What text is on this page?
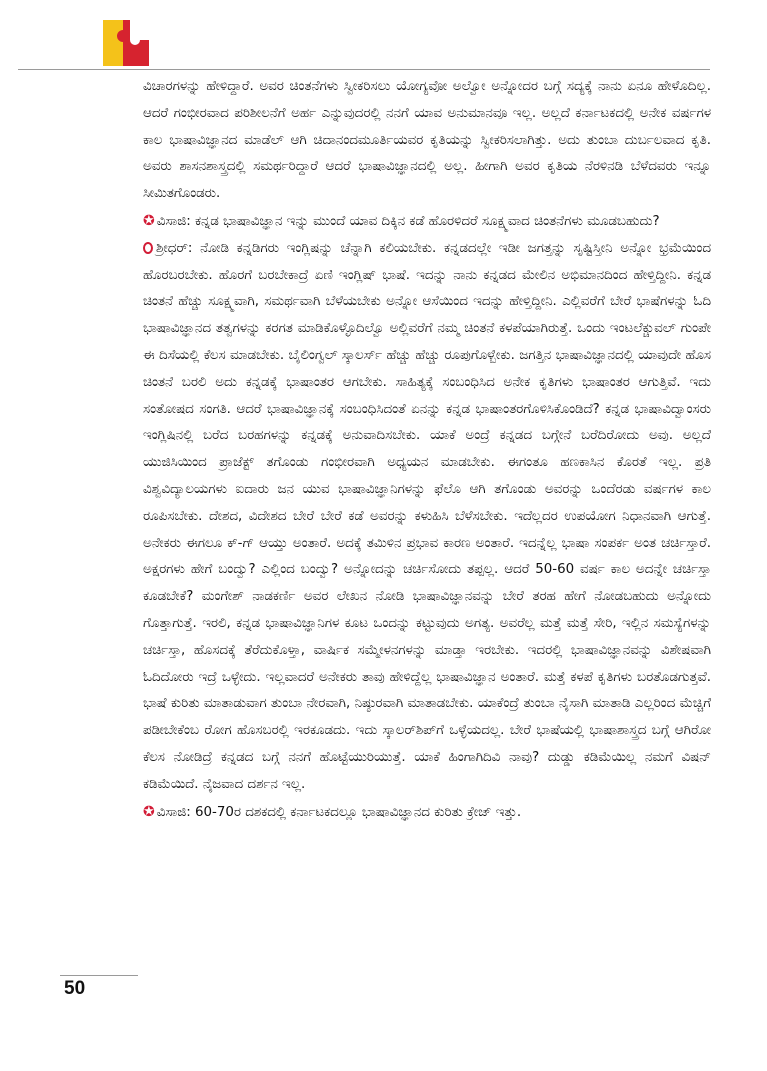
ವಿಚಾರಗಳನ್ನು ಹೇಳಿದ್ದಾರೆ. ಅವರ ಚಿಂತನೆಗಳು ಸ್ವೀಕರಿಸಲು ಯೋಗ್ಯವೋ ಅಲ್ವೋ ಅನ್ನೋದರ ಬಗ್ಗೆ ಸದ್ಯಕ್ಕೆ ನಾನು ಏನೂ ಹೇಳೊದಿಲ್ಲ. ಆದರೆ ಗಂಭೀರವಾದ ಪರಿಶೀಲನೆಗೆ ಅರ್ಹ ಎನ್ನುವುದರಲ್ಲಿ ನನಗೆ ಯಾವ ಅನುಮಾನವೂ ಇಲ್ಲ. ಅಲ್ಲದೆ ಕರ್ನಾಟಕದಲ್ಲಿ ಅನೇಕ ವರ್ಷಗಳ ಕಾಲ ಭಾಷಾವಿಜ್ಞಾನದ ಮಾಡೆಲ್ ಆಗಿ ಚಿದಾನಂದಮೂರ್ತಿಯವರ ಕೃತಿಯನ್ನು ಸ್ವೀಕರಿಸಲಾಗಿತ್ತು. ಅದು ತುಂಬಾ ದುರ್ಬಲವಾದ ಕೃತಿ. ಅವರು ಶಾಸನಶಾಸ್ತ್ರದಲ್ಲಿ ಸಮರ್ಥರಿದ್ದಾರೆ ಆದರೆ ಭಾಷಾವಿಜ್ಞಾನದಲ್ಲಿ ಅಲ್ಲ. ಹೀಗಾಗಿ ಅವರ ಕೃತಿಯ ನೆರಳಿನಡಿ ಬೆಳೆದವರು ಇನ್ನೂ ಸೀಮಿತಗೊಂಡರು.

✪ ವಿಸಾಜಿ: ಕನ್ನಡ ಭಾಷಾವಿಜ್ಞಾನ ಇನ್ನು ಮುಂದೆ ಯಾವ ದಿಕ್ಕಿನ ಕಡೆ ಹೊರಳಿದರೆ ಸೂಕ್ಷ್ಮವಾದ ಚಿಂತನೆಗಳು ಮೂಡಬಹುದು?

ಶ್ರೀಧರ್: ನೋಡಿ ಕನ್ನಡಿಗರು ಇಂಗ್ಲಿಷನ್ನು ಚೆನ್ನಾಗಿ ಕಲಿಯಬೇಕು. ಕನ್ನಡದಲ್ಲೇ ಇಡೀ ಜಗತ್ತನ್ನು ಸೃಷ್ಟಿಸ್ತೀನಿ ಅನ್ನೋ ಭ್ರಮೆಯಿಂದ ಹೊರಬರಬೇಕು. ಹೊರಗೆ ಬರಬೇಕಾದ್ರೆ ಏಣಿ ಇಂಗ್ಲಿಷ್ ಭಾಷೆ. ಇದನ್ನು ನಾನು ಕನ್ನಡದ ಮೇಲಿನ ಅಭಿಮಾನದಿಂದ ಹೇಳ್ತಿದ್ದೀನಿ. ಕನ್ನಡ ಚಿಂತನೆ ಹೆಚ್ಚು ಸೂಕ್ಷ್ಮವಾಗಿ, ಸಮರ್ಥವಾಗಿ ಬೆಳೆಯಬೇಕು ಅನ್ನೋ ಆಸೆಯಿಂದ ಇದನ್ನು ಹೇಳ್ತಿದ್ದೀನಿ. ಎಲ್ಲಿವರೆಗೆ ಬೇರೆ ಭಾಷೆಗಳನ್ನು ಓದಿ ಭಾಷಾವಿಜ್ಞಾನದ ತತ್ವಗಳನ್ನು ಕರಗತ ಮಾಡಿಕೊಳ್ಳೊದಿಲ್ವೊ ಅಲ್ಲಿವರೆಗೆ ನಮ್ಮ ಚಿಂತನೆ ಕಳಪೆಯಾಗಿರುತ್ತೆ. ಒಂದು ಇಂಟಲೆಕ್ಚುವಲ್ ಗುಂಪೇ ಈ ದಿಸೆಯಲ್ಲಿ ಕೆಲಸ ಮಾಡಬೇಕು. ಬೈಲಿಂಗ್ವಲ್ ಸ್ಕಾಲರ್ಸ್ ಹೆಚ್ಚು ಹೆಚ್ಚು ರೂಪುಗೊಳ್ಬೇಕು. ಜಗತ್ತಿನ ಭಾಷಾವಿಜ್ಞಾನದಲ್ಲಿ ಯಾವುದೇ ಹೊಸ ಚಿಂತನೆ ಬರಲಿ ಅದು ಕನ್ನಡಕ್ಕೆ ಭಾಷಾಂತರ ಆಗಬೇಕು. ಸಾಹಿತ್ಯಕ್ಕೆ ಸಂಬಂಧಿಸಿದ ಅನೇಕ ಕೃತಿಗಳು ಭಾಷಾಂತರ ಆಗುತ್ತಿವೆ. ಇದು ಸಂತೋಷದ ಸಂಗತಿ. ಆದರೆ ಭಾಷಾವಿಜ್ಞಾನಕ್ಕೆ ಸಂಬಂಧಿಸಿದಂತೆ ಏನನ್ನು ಕನ್ನಡ ಭಾಷಾಂತರಗೊಳಿಸಿಕೊಂಡಿದೆ? ಕನ್ನಡ ಭಾಷಾವಿದ್ವಾಂಸರು ಇಂಗ್ಲಿಷಿನಲ್ಲಿ ಬರೆದ ಬರಹಗಳನ್ನು ಕನ್ನಡಕ್ಕೆ ಅನುವಾದಿಸಬೇಕು. ಯಾಕೆ ಅಂದ್ರೆ ಕನ್ನಡದ ಬಗ್ಗೇನೆ ಬರೆದಿರೋದು ಅವು. ಅಲ್ಲದೆ ಯುಜಿಸಿಯಿಂದ ಪ್ರಾಜೆಕ್ಟ್ ತಗೊಂಡು ಗಂಭೀರವಾಗಿ ಅಧ್ಯಯನ ಮಾಡಬೇಕು. ಈಗಂತೂ ಹಣಕಾಸಿನ ಕೊರತೆ ಇಲ್ಲ. ಪ್ರತಿ ವಿಶ್ವವಿದ್ಯಾಲಯಗಳು ಐದಾರು ಜನ ಯುವ ಭಾಷಾವಿಜ್ಞಾನಿಗಳನ್ನು ಫೆಲೊ ಆಗಿ ತಗೊಂಡು ಅವರನ್ನು ಒಂದೆರಡು ವರ್ಷಗಳ ಕಾಲ ರೂಪಿಸಬೇಕು. ದೇಶದ, ವಿದೇಶದ ಬೇರೆ ಬೇರೆ ಕಡೆ ಅವರನ್ನು ಕಳುಹಿಸಿ ಬೆಳೆಸಬೇಕು. ಇದೆಲ್ಲದರ ಉಪಯೋಗ ನಿಧಾನವಾಗಿ ಆಗುತ್ತೆ. ಅನೇಕರು ಈಗಲೂ ಕ್-ಗ್ ಆಯ್ತು ಅಂತಾರೆ. ಅದಕ್ಕೆ ತಮಿಳಿನ ಪ್ರಭಾವ ಕಾರಣ ಅಂತಾರೆ. ಇದನ್ನೆಲ್ಲ ಭಾಷಾ ಸಂಪರ್ಕ ಅಂತ ಚರ್ಚಿಸ್ತಾರೆ. ಅಕ್ಷರಗಳು ಹೇಗೆ ಬಂದ್ವು? ಎಲ್ಲಿಂದ ಬಂದ್ವು? ಅನ್ನೋದನ್ನು ಚರ್ಚಿಸೋದು ತಪ್ಪಲ್ಲ. ಆದರೆ 50-60 ವರ್ಷ ಕಾಲ ಅದನ್ನೇ ಚರ್ಚಿಸ್ತಾ ಕೂಡಬೇಕೆ? ಮಂಗೇಶ್ ನಾಡಕರ್ಣಿ ಅವರ ಲೇಖನ ನೋಡಿ ಭಾಷಾವಿಜ್ಞಾನವನ್ನು ಬೇರೆ ತರಹ ಹೇಗೆ ನೋಡಬಹುದು ಅನ್ನೋದು ಗೊತ್ತಾಗುತ್ತೆ. ಇರಲಿ, ಕನ್ನಡ ಭಾಷಾವಿಜ್ಞಾನಿಗಳ ಕೂಟ ಒಂದನ್ನು ಕಟ್ಟುವುದು ಅಗತ್ಯ. ಅವರೆಲ್ಲ ಮತ್ತೆ ಮತ್ತೆ ಸೇರಿ, ಇಲ್ಲಿನ ಸಮಸ್ಯೆಗಳನ್ನು ಚರ್ಚಿಸ್ತಾ, ಹೊಸದಕ್ಕೆ ತೆರೆದುಕೊಳ್ತಾ, ವಾರ್ಷಿಕ ಸಮ್ಮೇಳನಗಳನ್ನು ಮಾಡ್ತಾ ಇರಬೇಕು. ಇದರಲ್ಲಿ ಭಾಷಾವಿಜ್ಞಾನವನ್ನು ವಿಶೇಷವಾಗಿ ಓದಿದೋರು ಇದ್ರೆ ಒಳ್ಳೇದು. ಇಲ್ಲವಾದರೆ ಅನೇಕರು ತಾವು ಹೇಳಿದ್ದೆಲ್ಲ ಭಾಷಾವಿಜ್ಞಾನ ಅಂತಾರೆ. ಮತ್ತೆ ಕಳಪೆ ಕೃತಿಗಳು ಬರತೊಡಗುತ್ತವೆ. ಭಾಷೆ ಕುರಿತು ಮಾತಾಡುವಾಗ ತುಂಬಾ ನೇರವಾಗಿ, ನಿಷ್ಠುರವಾಗಿ ಮಾತಾಡಬೇಕು. ಯಾಕೆಂದ್ರೆ ತುಂಬಾ ನೈಸಾಗಿ ಮಾತಾಡಿ ಎಲ್ಲರಿಂದ ಮೆಚ್ಚಿಗೆ ಪಡೀಬೇಕೆಂಬ ರೋಗ ಹೊಸಬರಲ್ಲಿ ಇರಕೂಡದು. ಇದು ಸ್ಕಾಲರ್‌ಶಿಪ್‌ಗೆ ಒಳ್ಳೆಯದಲ್ಲ. ಬೇರೆ ಭಾಷೆಯಲ್ಲಿ ಭಾಷಾಶಾಸ್ತ್ರದ ಬಗ್ಗೆ ಆಗಿರೋ ಕೆಲಸ ನೋಡಿದ್ರೆ ಕನ್ನಡದ ಬಗ್ಗೆ ನನಗೆ ಹೊಟ್ಟೆಯುರಿಯುತ್ತೆ. ಯಾಕೆ ಹಿಂಗಾಗಿದಿವಿ ನಾವು? ದುಡ್ಡು ಕಡಿಮೆಯಿಲ್ಲ ನಮಗೆ ವಿಷನ್ ಕಡಿಮೆಯಿದೆ. ನೈಜವಾದ ದರ್ಶನ ಇಲ್ಲ.

✪ ವಿಸಾಜಿ: 60-70ರ ದಶಕದಲ್ಲಿ ಕರ್ನಾಟಕದಲ್ಲೂ ಭಾಷಾವಿಜ್ಞಾನದ ಕುರಿತು ಕ್ರೇಜ್ ಇತ್ತು.

50
